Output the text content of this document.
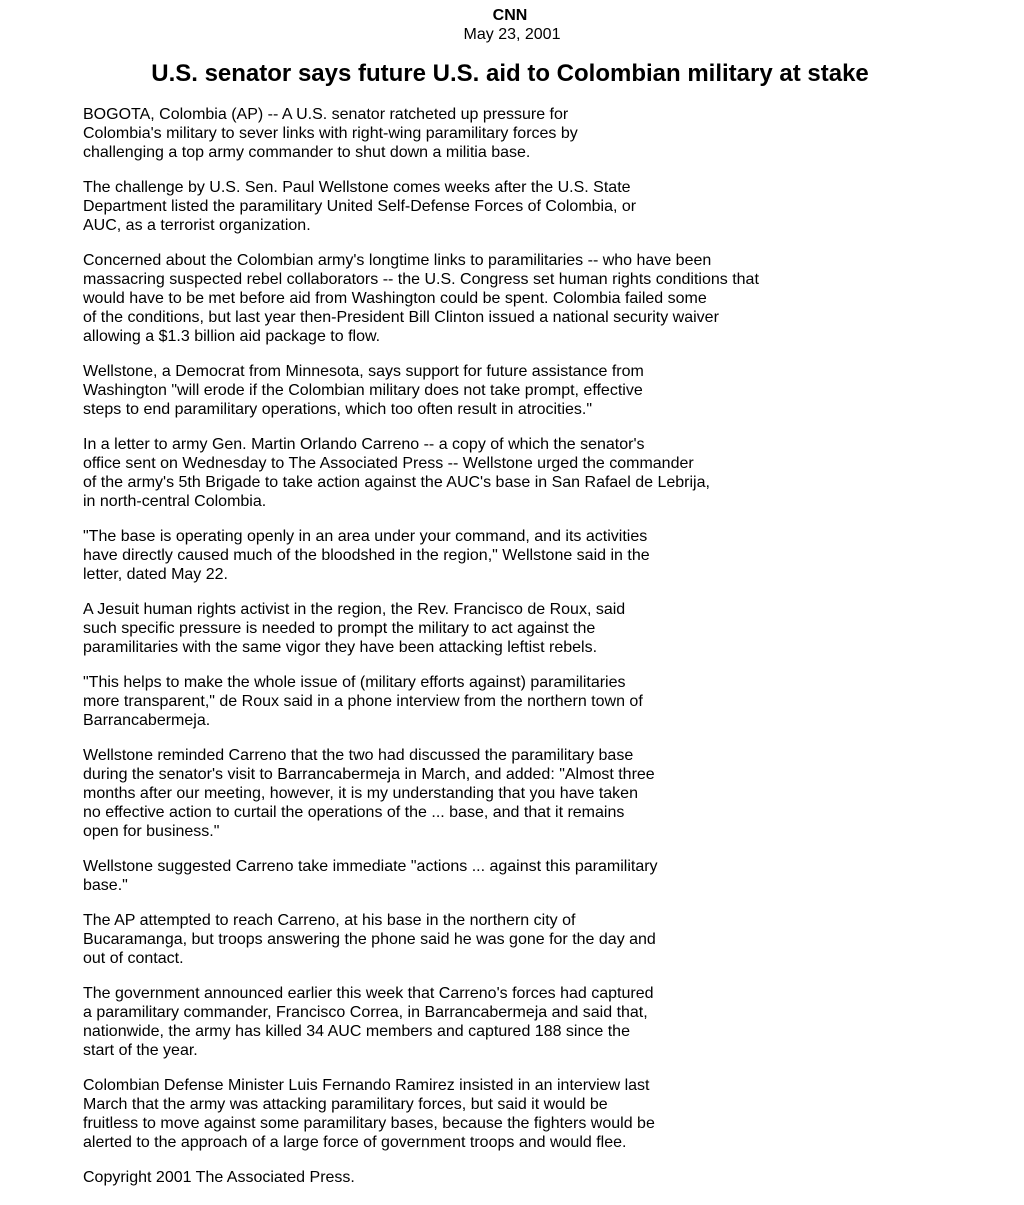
CNN
May 23, 2001
U.S. senator says future U.S. aid to Colombian military at stake

BOGOTA, Colombia (AP) -- A U.S. senator ratcheted up pressure for
Colombia's military to sever links with right-wing paramilitary forces by
challenging a top army commander to shut down a militia base.

The challenge by U.S. Sen. Paul Wellstone comes weeks after the U.S. State
Department listed the paramilitary United Self-Defense Forces of Colombia, or
AUC, as a terrorist organization.

Concerned about the Colombian army's longtime links to paramilitaries -- who have been
massacring suspected rebel collaborators -- the U.S. Congress set human rights conditions that
would have to be met before aid from Washington could be spent. Colombia failed some
of the conditions, but last year then-President Bill Clinton issued a national security waiver
allowing a $1.3 billion aid package to flow.

Wellstone, a Democrat from Minnesota, says support for future assistance from
Washington "will erode if the Colombian military does not take prompt, effective
steps to end paramilitary operations, which too often result in atrocities."

In a letter to army Gen. Martin Orlando Carreno -- a copy of which the senator's
office sent on Wednesday to The Associated Press -- Wellstone urged the commander
of the army's 5th Brigade to take action against the AUC's base in San Rafael de Lebrija,
in north-central Colombia.

"The base is operating openly in an area under your command, and its activities
have directly caused much of the bloodshed in the region," Wellstone said in the
letter, dated May 22.

A Jesuit human rights activist in the region, the Rev. Francisco de Roux, said
such specific pressure is needed to prompt the military to act against the
paramilitaries with the same vigor they have been attacking leftist rebels.

"This helps to make the whole issue of (military efforts against) paramilitaries
more transparent," de Roux said in a phone interview from the northern town of
Barrancabermeja.

Wellstone reminded Carreno that the two had discussed the paramilitary base
during the senator's visit to Barrancabermeja in March, and added: "Almost three
months after our meeting, however, it is my understanding that you have taken
no effective action to curtail the operations of the ... base, and that it remains
open for business."

Wellstone suggested Carreno take immediate "actions ... against this paramilitary
base."

The AP attempted to reach Carreno, at his base in the northern city of
Bucaramanga, but troops answering the phone said he was gone for the day and
out of contact.

The government announced earlier this week that Carreno's forces had captured
a paramilitary commander, Francisco Correa, in Barrancabermeja and said that,
nationwide, the army has killed 34 AUC members and captured 188 since the
start of the year.

Colombian Defense Minister Luis Fernando Ramirez insisted in an interview last
March that the army was attacking paramilitary forces, but said it would be
fruitless to move against some paramilitary bases, because the fighters would be
alerted to the approach of a large force of government troops and would flee.

Copyright 2001 The Associated Press.
